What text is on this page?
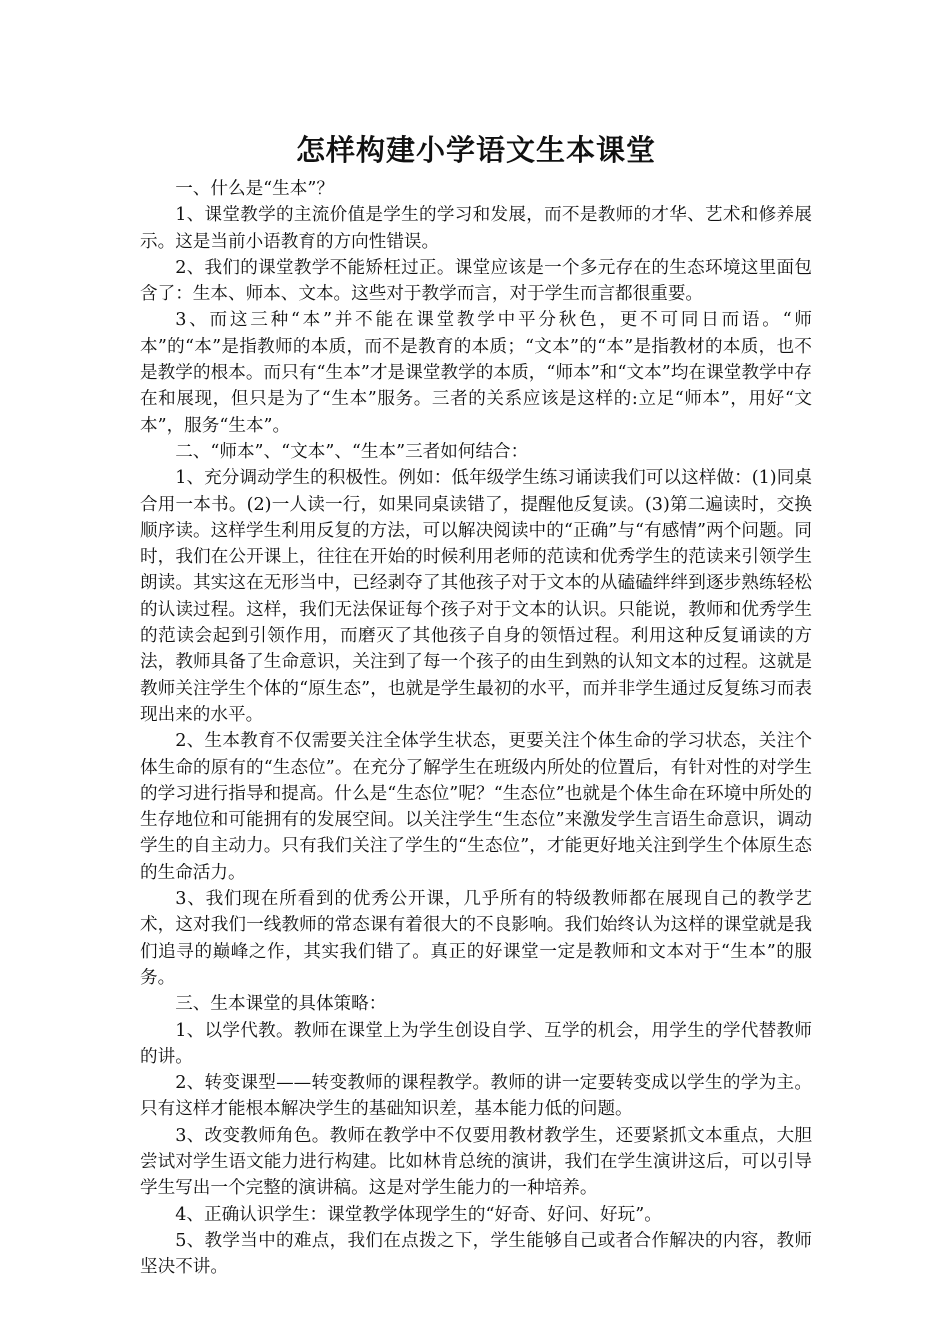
怎样构建小学语文生本课堂

一、什么是“生本”？

1、课堂教学的主流价值是学生的学习和发展，而不是教师的才华、艺术和修养展示。这是当前小语教育的方向性错误。

2、我们的课堂教学不能矫枉过正。课堂应该是一个多元存在的生态环境这里面包含了：生本、师本、文本。这些对于教学而言，对于学生而言都很重要。

3、而这三种“本”并不能在课堂教学中平分秋色，更不可同日而语。“师本”的“本”是指教师的本质，而不是教育的本质；“文本”的“本”是指教材的本质，也不是教学的根本。而只有“生本”才是课堂教学的本质，“师本”和“文本”均在课堂教学中存在和展现，但只是为了“生本”服务。三者的关系应该是这样的:立足“师本”，用好“文本”，服务“生本”。

二、“师本”、“文本”、“生本”三者如何结合：

1、充分调动学生的积极性。例如：低年级学生练习诵读我们可以这样做：(1)同桌合用一本书。(2)一人读一行，如果同桌读错了，提醒他反复读。(3)第二遍读时，交换顺序读。这样学生利用反复的方法，可以解决阅读中的“正确”与“有感情”两个问题。同时，我们在公开课上，往往在开始的时候利用老师的范读和优秀学生的范读来引领学生朗读。其实这在无形当中，已经剥夺了其他孩子对于文本的从磕磕绊绊到逐步熟练轻松的认读过程。这样，我们无法保证每个孩子对于文本的认识。只能说，教师和优秀学生的范读会起到引领作用，而磨灭了其他孩子自身的领悟过程。利用这种反复诵读的方法，教师具备了生命意识，关注到了每一个孩子的由生到熟的认知文本的过程。这就是教师关注学生个体的“原生态”，也就是学生最初的水平，而并非学生通过反复练习而表现出来的水平。

2、生本教育不仅需要关注全体学生状态，更要关注个体生命的学习状态，关注个体生命的原有的“生态位”。在充分了解学生在班级内所处的位置后，有针对性的对学生的学习进行指导和提高。什么是“生态位”呢？“生态位”也就是个体生命在环境中所处的生存地位和可能拥有的发展空间。以关注学生“生态位”来激发学生言语生命意识，调动学生的自主动力。只有我们关注了学生的“生态位”，才能更好地关注到学生个体原生态的生命活力。

3、我们现在所看到的优秀公开课，几乎所有的特级教师都在展现自己的教学艺术，这对我们一线教师的常态课有着很大的不良影响。我们始终认为这样的课堂就是我们追寻的巅峰之作，其实我们错了。真正的好课堂一定是教师和文本对于“生本”的服务。

三、生本课堂的具体策略：

1、以学代教。教师在课堂上为学生创设自学、互学的机会，用学生的学代替教师的讲。

2、转变课型——转变教师的课程教学。教师的讲一定要转变成以学生的学为主。只有这样才能根本解决学生的基础知识差，基本能力低的问题。

3、改变教师角色。教师在教学中不仅要用教材教学生，还要紧抓文本重点，大胆尝试对学生语文能力进行构建。比如林肯总统的演讲，我们在学生演讲这后，可以引导学生写出一个完整的演讲稿。这是对学生能力的一种培养。

4、正确认识学生：课堂教学体现学生的“好奇、好问、好玩”。

5、教学当中的难点，我们在点拨之下，学生能够自己或者合作解决的内容，教师坚决不讲。
